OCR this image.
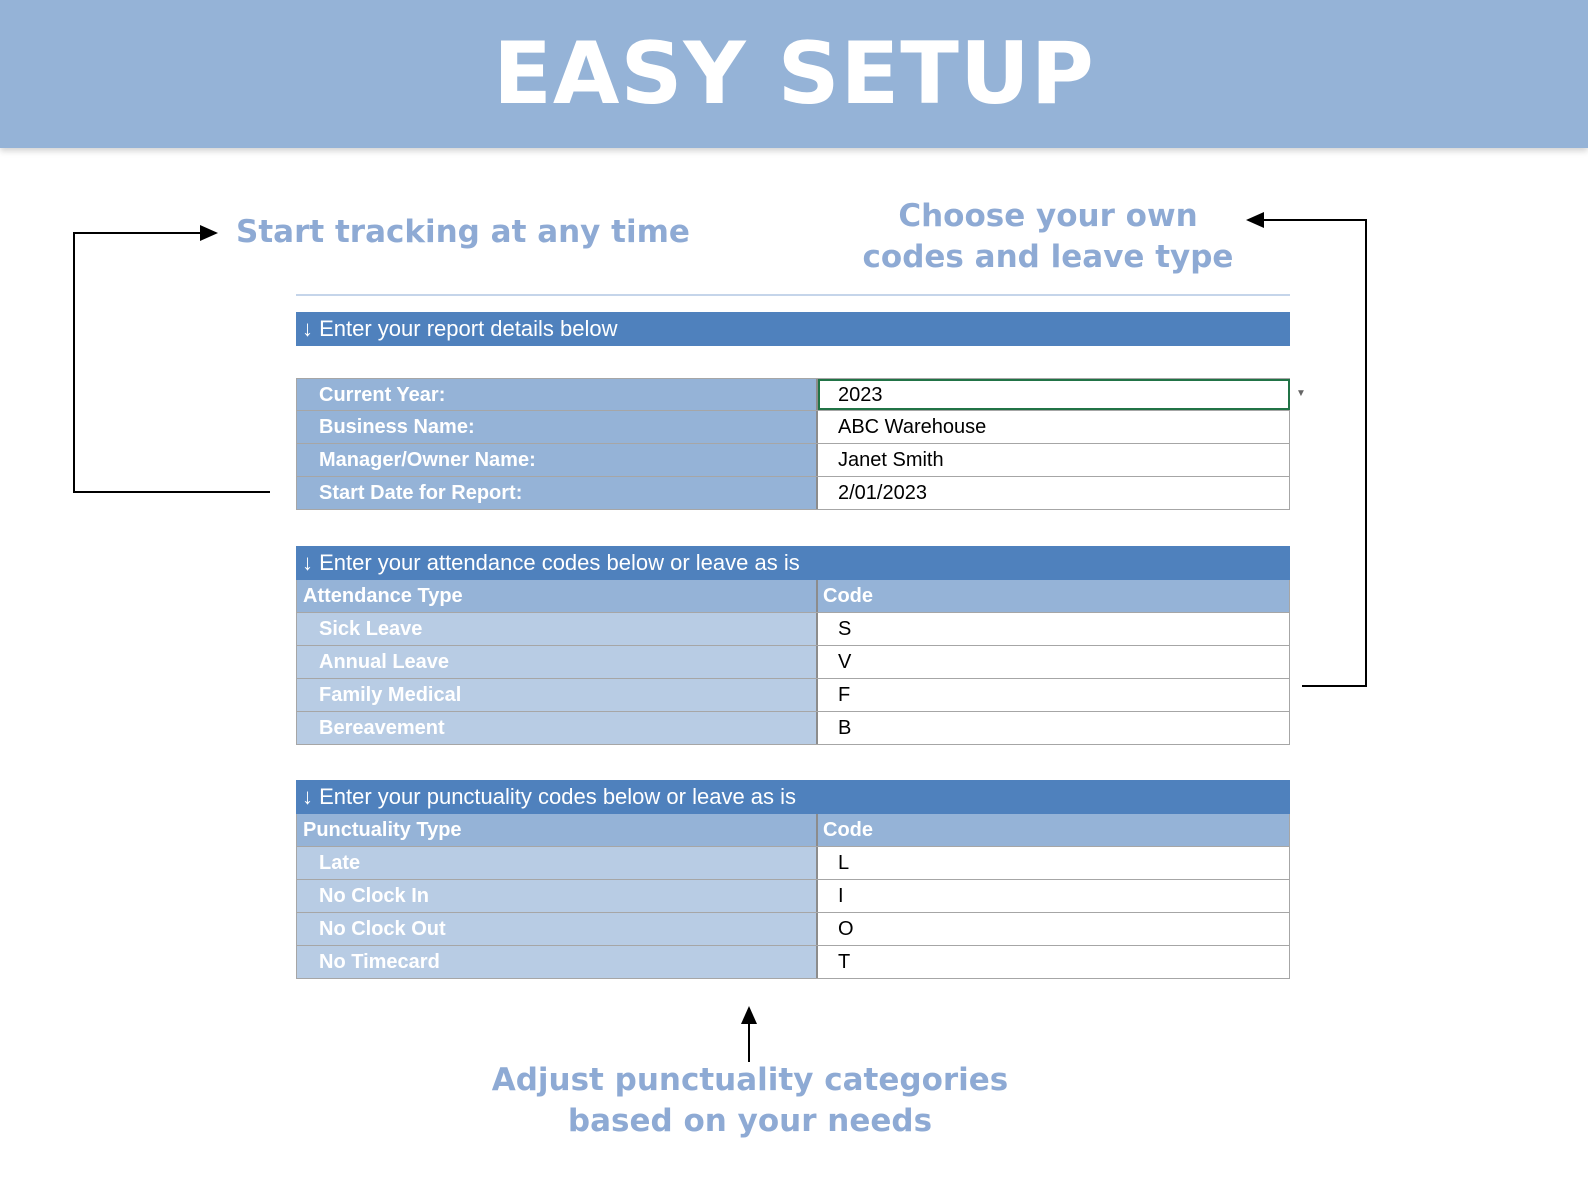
EASY SETUP
Start tracking at any time	Choose your own
codes and leave type
Adjust punctuality categories
based on your needs
↓ Enter your report details below
Current Year:	2023	▼
Business Name:	ABC Warehouse
Manager/Owner Name:	Janet Smith
Start Date for Report:	2/01/2023
↓ Enter your attendance codes below or leave as is
Attendance Type	Code
Sick Leave	S
Annual Leave	V
Family Medical	F
Bereavement	B
↓ Enter your punctuality codes below or leave as is
Punctuality Type	Code
Late	L
No Clock In	I
No Clock Out	O
No Timecard	T
